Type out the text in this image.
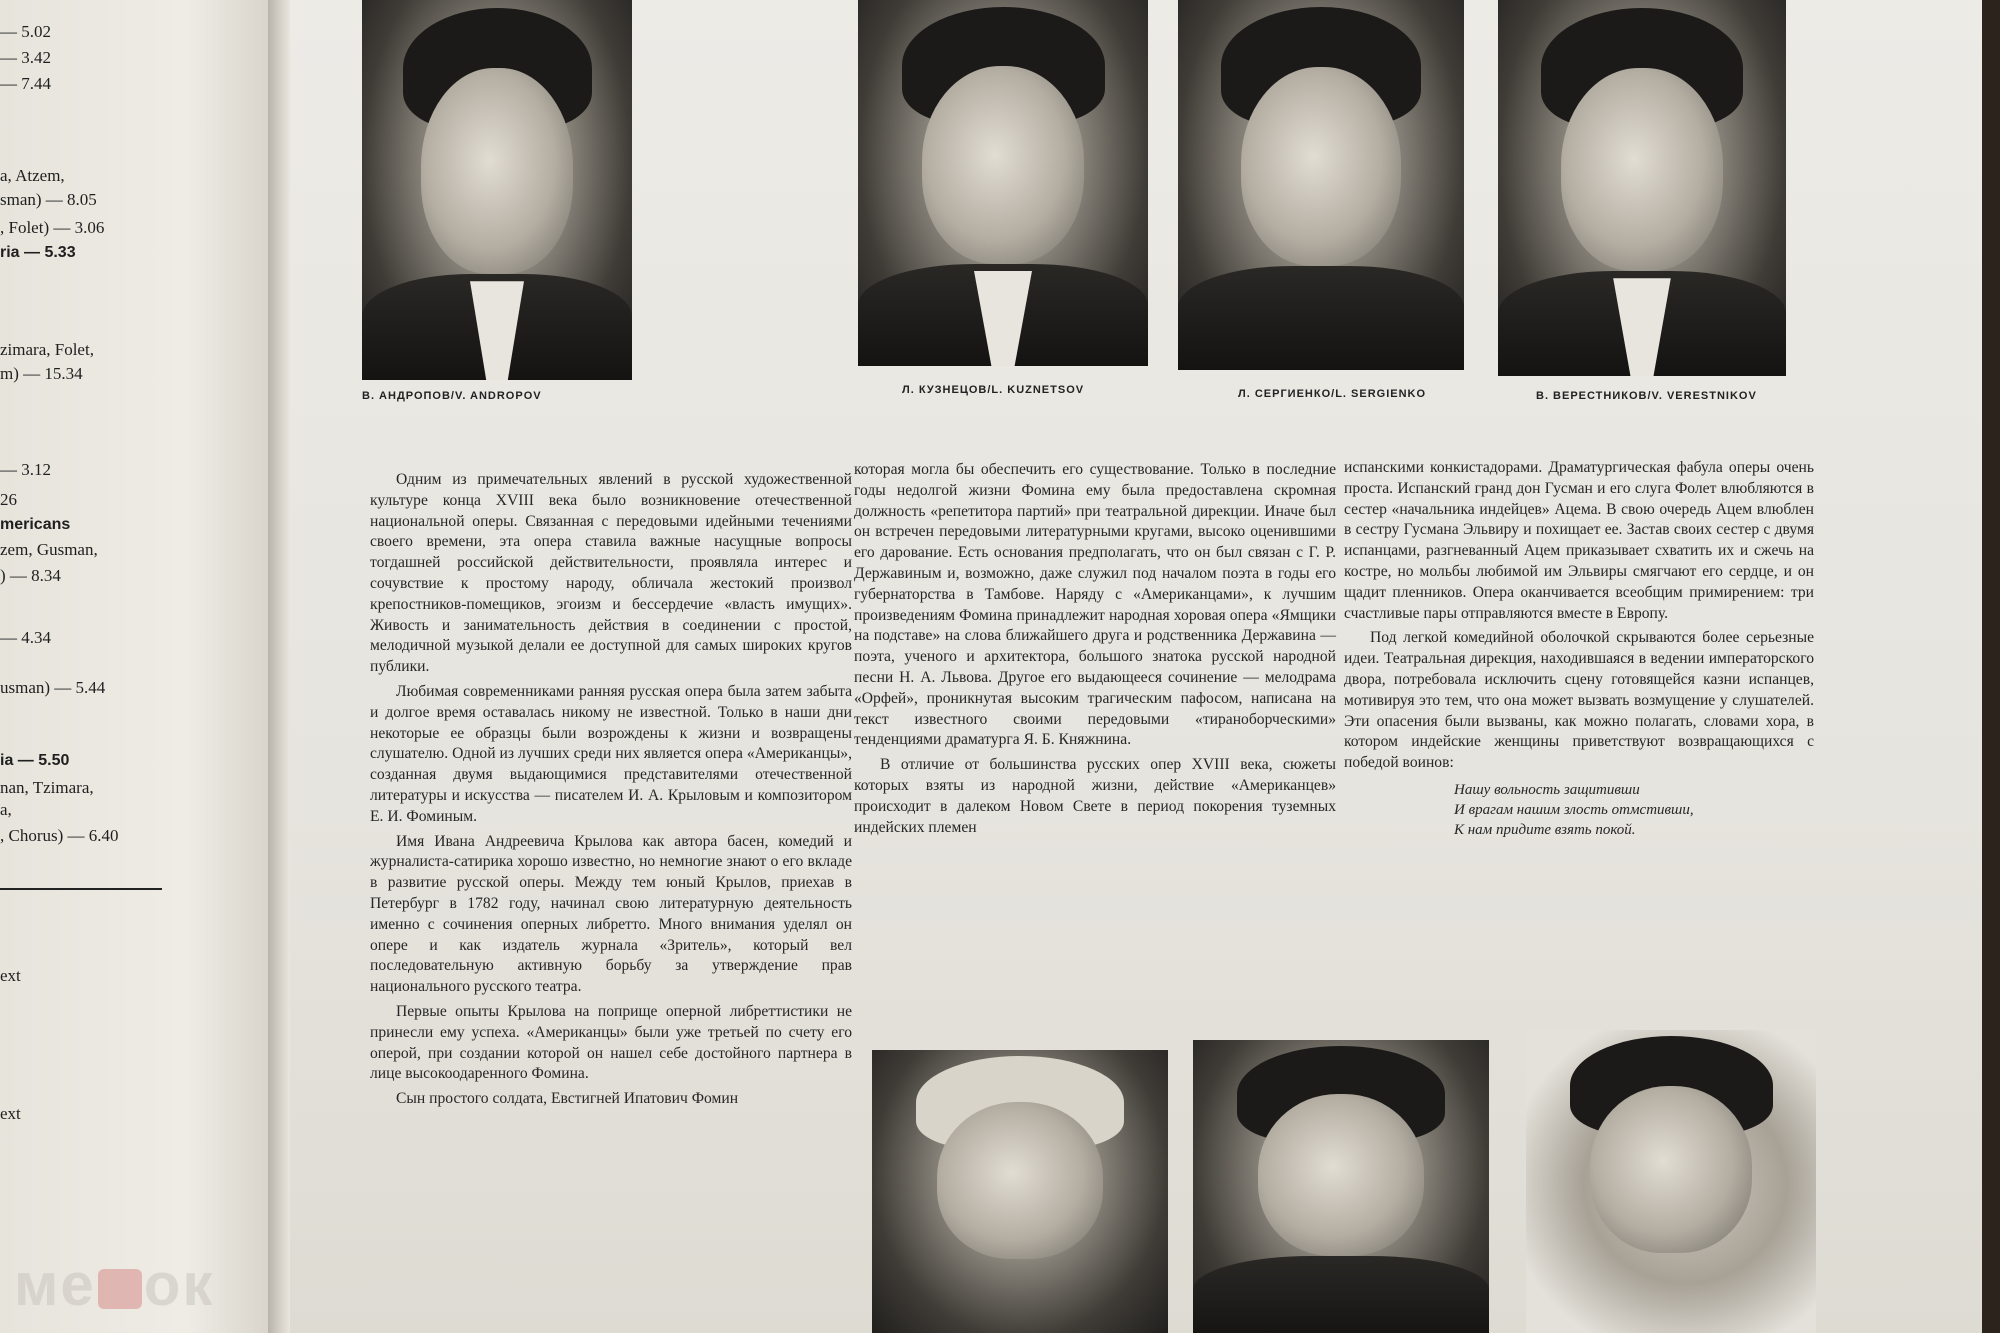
— 5.02
— 3.42
— 7.44
a, Atzem,
sman) — 8.05
, Folet) — 3.06
ria — 5.33
zimara, Folet,
m) — 15.34
— 3.12
26
mericans
zem, Gusman,
) — 8.34
— 4.34
usman) — 5.44
ia — 5.50
nan, Tzimara,
a,
, Chorus) — 6.40
ext
ext
В. АНДРОПОВ/V. ANDROPOV	Л. КУЗНЕЦОВ/L. KUZNETSOV	Л. СЕРГИЕНКО/L. SERGIENKO	В. ВЕРЕСТНИКОВ/V. VERESTNIKOV

Одним из примечательных явлений в русской художественной культуре конца XVIII века было возникновение отечественной национальной оперы. Связанная с передовыми идейными течениями своего времени, эта опера ставила важные насущные вопросы тогдашней российской действительности, проявляла интерес и сочувствие к простому народу, обличала жестокий произвол крепостников-помещиков, эгоизм и бессердечие «власть имущих». Живость и занимательность действия в соединении с простой, мелодичной музыкой делали ее доступной для самых широких кругов публики.

Любимая современниками ранняя русская опера была затем забыта и долгое время оставалась никому не известной. Только в наши дни некоторые ее образцы были возрождены к жизни и возвращены слушателю. Одной из лучших среди них является опера «Американцы», созданная двумя выдающимися представителями отечественной литературы и искусства — писателем И. А. Крыловым и композитором Е. И. Фоминым.

Имя Ивана Андреевича Крылова как автора басен, комедий и журналиста-сатирика хорошо известно, но немногие знают о его вкладе в развитие русской оперы. Между тем юный Крылов, приехав в Петербург в 1782 году, начинал свою литературную деятельность именно с сочинения оперных либретто. Много внимания уделял он опере и как издатель журнала «Зритель», который вел последовательную активную борьбу за утверждение прав национального русского театра.

Первые опыты Крылова на поприще оперной либреттистики не принесли ему успеха. «Американцы» были уже третьей по счету его оперой, при создании которой он нашел себе достойного партнера в лице высокоодаренного Фомина.

Сын простого солдата, Евстигней Ипатович Фомин

которая могла бы обеспечить его существование. Только в последние годы недолгой жизни Фомина ему была предоставлена скромная должность «репетитора партий» при театральной дирекции. Иначе был он встречен передовыми литературными кругами, высоко оценившими его дарование. Есть основания предполагать, что он был связан с Г. Р. Державиным и, возможно, даже служил под началом поэта в годы его губернаторства в Тамбове. Наряду с «Американцами», к лучшим произведениям Фомина принадлежит народная хоровая опера «Ямщики на подставе» на слова ближайшего друга и родственника Державина — поэта, ученого и архитектора, большого знатока русской народной песни Н. А. Львова. Другое его выдающееся сочинение — мелодрама «Орфей», проникнутая высоким трагическим пафосом, написана на текст известного своими передовыми «тираноборческими» тенденциями драматурга Я. Б. Княжнина.

В отличие от большинства русских опер XVIII века, сюжеты которых взяты из народной жизни, действие «Американцев» происходит в далеком Новом Свете в период покорения туземных индейских племен

испанскими конкистадорами. Драматургическая фабула оперы очень проста. Испанский гранд дон Гусман и его слуга Фолет влюбляются в сестер «начальника индейцев» Ацема. В свою очередь Ацем влюблен в сестру Гусмана Эльвиру и похищает ее. Застав своих сестер с двумя испанцами, разгневанный Ацем приказывает схватить их и сжечь на костре, но мольбы любимой им Эльвиры смягчают его сердце, и он щадит пленников. Опера оканчивается всеобщим примирением: три счастливые пары отправляются вместе в Европу.

Под легкой комедийной оболочкой скрываются более серьезные идеи. Театральная дирекция, находившаяся в ведении императорского двора, потребовала исключить сцену готовящейся казни испанцев, мотивируя это тем, что она может вызвать возмущение у слушателей. Эти опасения были вызваны, как можно полагать, словами хора, в котором индейские женщины приветствуют возвращающихся с победой воинов:

Нашу вольность защитивши
И врагам нашим злость отмстивши,
К нам придите взять покой.
ме ок
